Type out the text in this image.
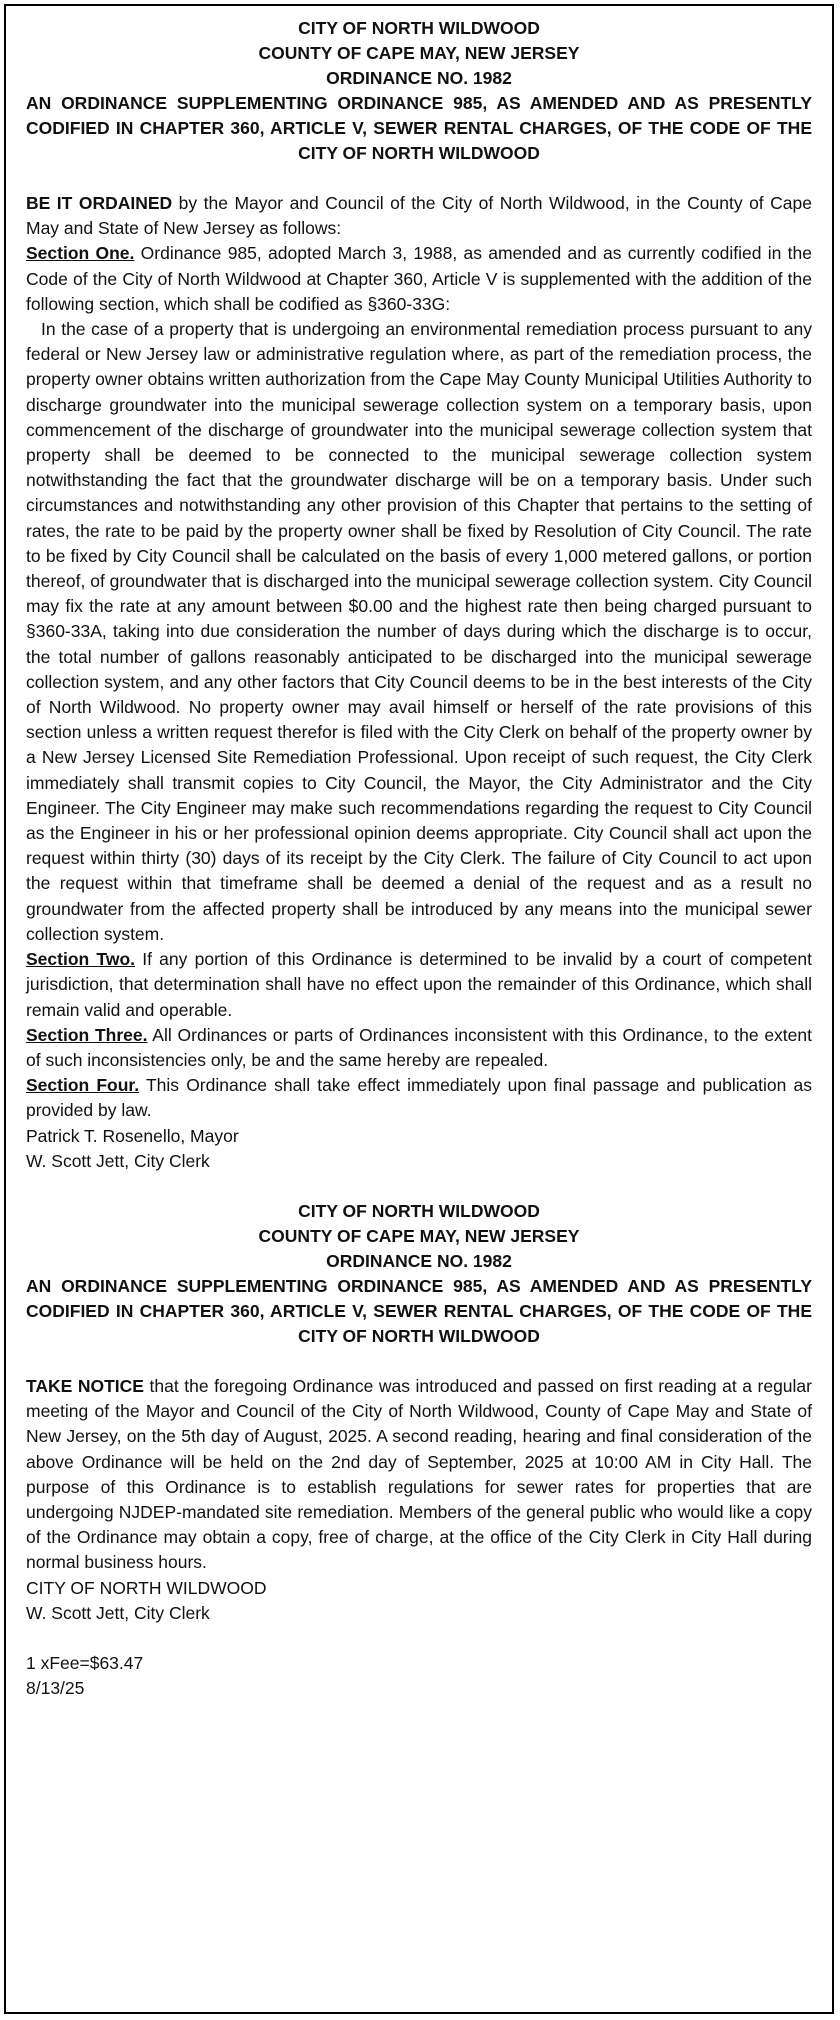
CITY OF NORTH WILDWOOD
COUNTY OF CAPE MAY, NEW JERSEY
ORDINANCE NO. 1982
AN ORDINANCE SUPPLEMENTING ORDINANCE 985, AS AMENDED AND AS PRESENTLY CODIFIED IN CHAPTER 360, ARTICLE V, SEWER RENTAL CHARGES, OF THE CODE OF THE CITY OF NORTH WILDWOOD

BE IT ORDAINED by the Mayor and Council of the City of North Wildwood, in the County of Cape May and State of New Jersey as follows:

Section One. Ordinance 985, adopted March 3, 1988, as amended and as currently codified in the Code of the City of North Wildwood at Chapter 360, Article V is supplemented with the addition of the following section, which shall be codified as §360-33G:

In the case of a property that is undergoing an environmental remediation process pursuant to any federal or New Jersey law or administrative regulation where, as part of the remediation process, the property owner obtains written authorization from the Cape May County Municipal Utilities Authority to discharge groundwater into the municipal sewerage collection system on a temporary basis, upon commencement of the discharge of groundwater into the municipal sewerage collection system that property shall be deemed to be connected to the municipal sewerage collection system notwithstanding the fact that the groundwater discharge will be on a temporary basis. Under such circumstances and notwithstanding any other provision of this Chapter that pertains to the setting of rates, the rate to be paid by the property owner shall be fixed by Resolution of City Council. The rate to be fixed by City Council shall be calculated on the basis of every 1,000 metered gallons, or portion thereof, of groundwater that is discharged into the municipal sewerage collection system. City Council may fix the rate at any amount between $0.00 and the highest rate then being charged pursuant to §360-33A, taking into due consideration the number of days during which the discharge is to occur, the total number of gallons reasonably anticipated to be discharged into the municipal sewerage collection system, and any other factors that City Council deems to be in the best interests of the City of North Wildwood. No property owner may avail himself or herself of the rate provisions of this section unless a written request therefor is filed with the City Clerk on behalf of the property owner by a New Jersey Licensed Site Remediation Professional. Upon receipt of such request, the City Clerk immediately shall transmit copies to City Council, the Mayor, the City Administrator and the City Engineer. The City Engineer may make such recommendations regarding the request to City Council as the Engineer in his or her professional opinion deems appropriate. City Council shall act upon the request within thirty (30) days of its receipt by the City Clerk. The failure of City Council to act upon the request within that timeframe shall be deemed a denial of the request and as a result no groundwater from the affected property shall be introduced by any means into the municipal sewer collection system.

Section Two. If any portion of this Ordinance is determined to be invalid by a court of competent jurisdiction, that determination shall have no effect upon the remainder of this Ordinance, which shall remain valid and operable.

Section Three. All Ordinances or parts of Ordinances inconsistent with this Ordinance, to the extent of such inconsistencies only, be and the same hereby are repealed.

Section Four. This Ordinance shall take effect immediately upon final passage and publication as provided by law.

Patrick T. Rosenello, Mayor

W. Scott Jett, City Clerk

CITY OF NORTH WILDWOOD
COUNTY OF CAPE MAY, NEW JERSEY
ORDINANCE NO. 1982
AN ORDINANCE SUPPLEMENTING ORDINANCE 985, AS AMENDED AND AS PRESENTLY CODIFIED IN CHAPTER 360, ARTICLE V, SEWER RENTAL CHARGES, OF THE CODE OF THE CITY OF NORTH WILDWOOD

TAKE NOTICE that the foregoing Ordinance was introduced and passed on first reading at a regular meeting of the Mayor and Council of the City of North Wildwood, County of Cape May and State of New Jersey, on the 5th day of August, 2025. A second reading, hearing and final consideration of the above Ordinance will be held on the 2nd day of September, 2025 at 10:00 AM in City Hall. The purpose of this Ordinance is to establish regulations for sewer rates for properties that are undergoing NJDEP-mandated site remediation. Members of the general public who would like a copy of the Ordinance may obtain a copy, free of charge, at the office of the City Clerk in City Hall during normal business hours.

CITY OF NORTH WILDWOOD

W. Scott Jett, City Clerk

1 xFee=$63.47
8/13/25
